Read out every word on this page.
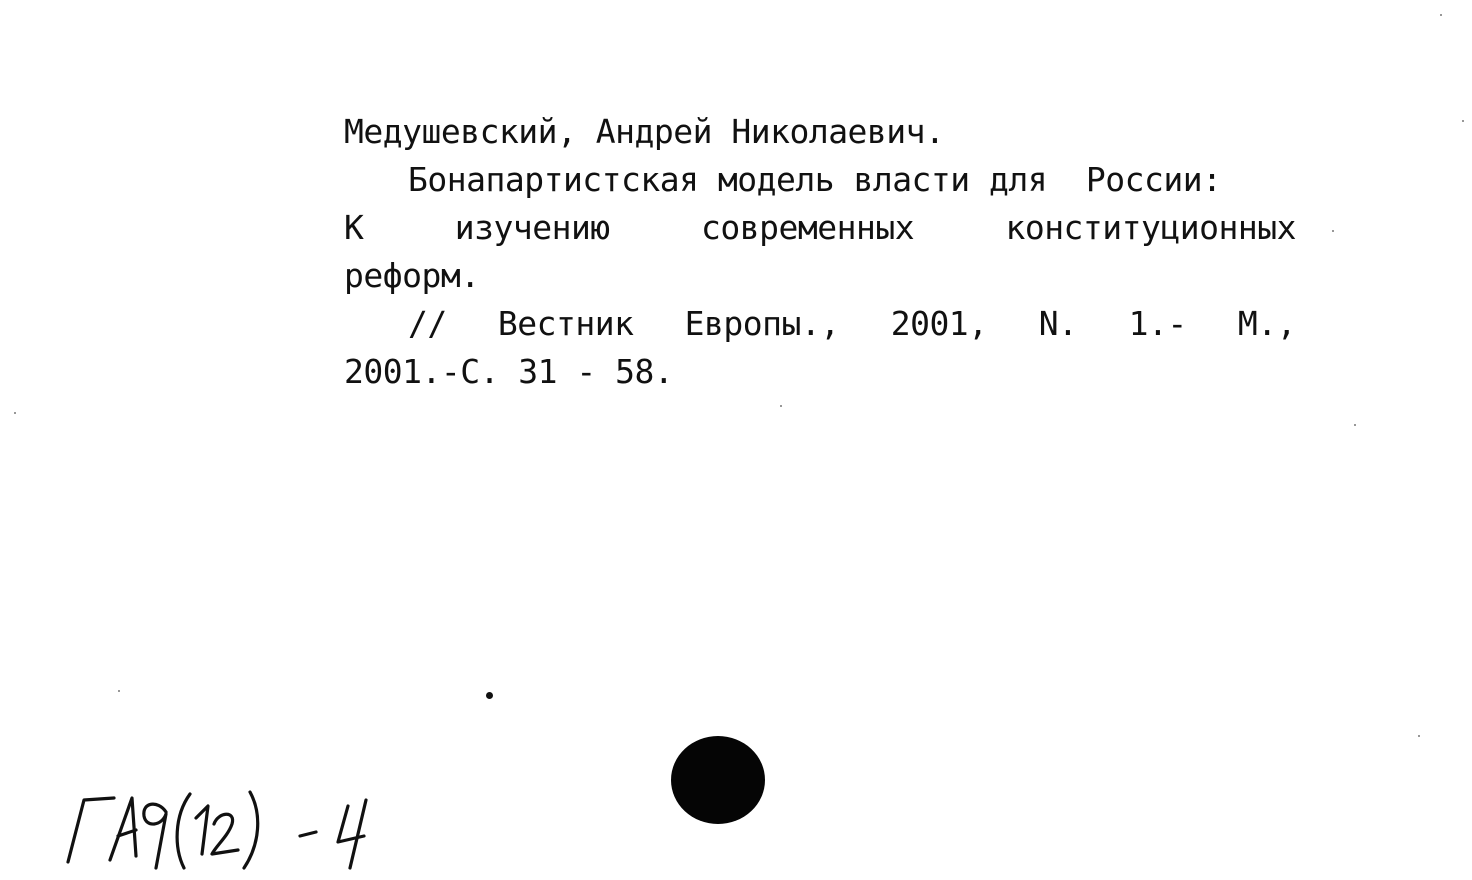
Медушевский, Андрей Николаевич.
Бонапартистская модель власти для  России:
К	изучению	современных	конституционных
реформ.
// Вестник Европы., 2001, N. 1.- М.,
2001.-С. 31 - 58.
